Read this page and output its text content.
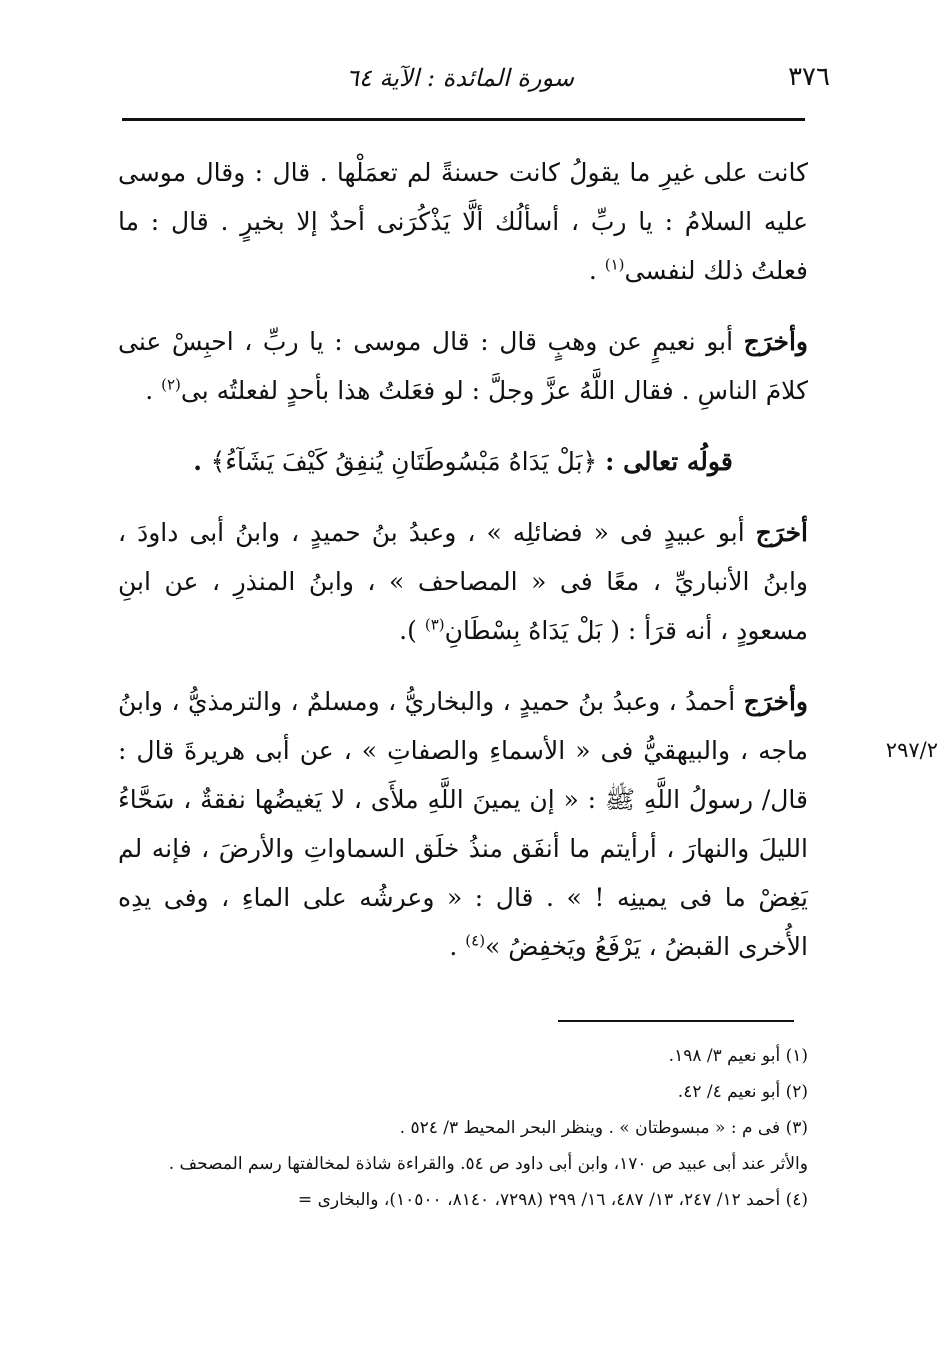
٣٧٦
سورة المائدة : الآية ٦٤

كانت على غيرِ ما يقولُ كانت حسنةً لم تعمَلْها . قال : وقال موسى عليه السلامُ : يا ربِّ ، أسألُك ألَّا يَذْكُرَنى أحدٌ إلا بخيرٍ . قال : ما فعلتُ ذلك لنفسى$^{(١)}$ .

وأخرَج أبو نعيمٍ عن وهبٍ قال : قال موسى : يا ربِّ ، احبِسْ عنى كلامَ الناسِ . فقال اللَّهُ عزَّ وجلَّ : لو فعَلتُ هذا بأحدٍ لفعلتُه بى$^{(٢)}$ .

قولُه تعالى : ﴿بَلْ يَدَاهُ مَبْسُوطَتَانِ يُنفِقُ كَيْفَ يَشَآءُ﴾ .

أخرَج أبو عبيدٍ فى « فضائلِه » ، وعبدُ بنُ حميدٍ ، وابنُ أبى داودَ ، وابنُ الأنباريِّ ، معًا فى « المصاحف » ، وابنُ المنذرِ ، عن ابنِ مسعودٍ ، أنه قرَأ : ( بَلْ يَدَاهُ بِسْطَانِ$^{(٣)}$ ).

وأخرَج أحمدُ ، وعبدُ بنُ حميدٍ ، والبخاريُّ ، ومسلمٌ ، والترمذيُّ ، وابنُ ماجه ، والبيهقيُّ فى « الأسماءِ والصفاتِ » ، عن أبى هريرةَ قال : قال/ رسولُ اللَّهِ ﷺ : « إن يمينَ اللَّهِ ملأَى ، لا يَغيضُها نفقةٌ ، سَحَّاءُ الليلَ والنهارَ ، أرأيتم ما أنفَق منذُ خلَق السماواتِ والأرضَ ، فإنه لم يَغِضْ ما فى يمينِه ! » . قال : « وعرشُه على الماءِ ، وفى يدِه الأُخرى القبضُ ، يَرْفَعُ ويَخفِضُ »$^{(٤)}$ .

٢٩٧/٢

(١) أبو نعيم ٣/ ١٩٨.

(٢) أبو نعيم ٤/ ٤٢.

(٣) فى م : « مبسوطتان » . وينظر البحر المحيط ٣/ ٥٢٤ .

والأثر عند أبى عبيد ص ١٧٠، وابن أبى داود ص ٥٤. والقراءة شاذة لمخالفتها رسم المصحف .

(٤) أحمد ١٢/ ٢٤٧، ١٣/ ٤٨٧، ١٦/ ٢٩٩ (٧٢٩٨، ٨١٤٠، ١٠٥٠٠)، والبخارى =
